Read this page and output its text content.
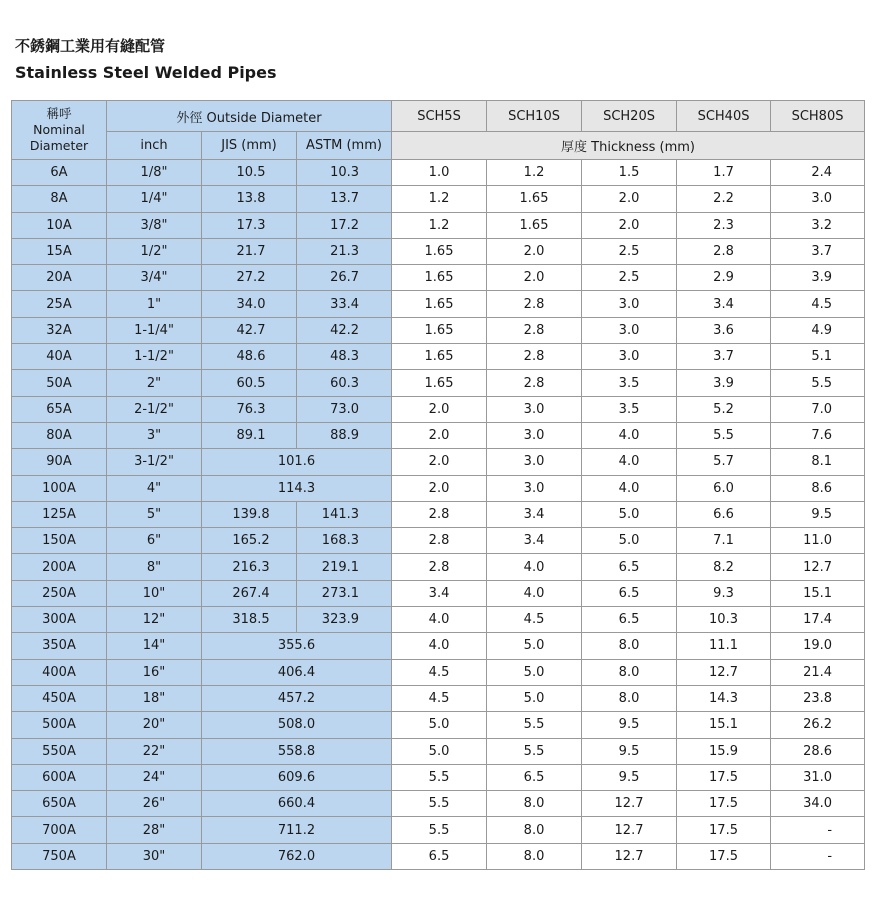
不銹鋼工業用有縫配管
Stainless Steel Welded Pipes
稱呼
Nominal
Diameter	外徑 Outside Diameter			SCH5S	SCH10S	SCH20S	SCH40S	SCH80S
	inch	JIS (mm)	ASTM (mm)	厚度 Thickness (mm)				
6A	1/8"	10.5	10.3	1.0	1.2	1.5	1.7	2.4
8A	1/4"	13.8	13.7	1.2	1.65	2.0	2.2	3.0
10A	3/8"	17.3	17.2	1.2	1.65	2.0	2.3	3.2
15A	1/2"	21.7	21.3	1.65	2.0	2.5	2.8	3.7
20A	3/4"	27.2	26.7	1.65	2.0	2.5	2.9	3.9
25A	1"	34.0	33.4	1.65	2.8	3.0	3.4	4.5
32A	1-1/4"	42.7	42.2	1.65	2.8	3.0	3.6	4.9
40A	1-1/2"	48.6	48.3	1.65	2.8	3.0	3.7	5.1
50A	2"	60.5	60.3	1.65	2.8	3.5	3.9	5.5
65A	2-1/2"	76.3	73.0	2.0	3.0	3.5	5.2	7.0
80A	3"	89.1	88.9	2.0	3.0	4.0	5.5	7.6
90A	3-1/2"	101.6		2.0	3.0	4.0	5.7	8.1
100A	4"	114.3		2.0	3.0	4.0	6.0	8.6
125A	5"	139.8	141.3	2.8	3.4	5.0	6.6	9.5
150A	6"	165.2	168.3	2.8	3.4	5.0	7.1	11.0
200A	8"	216.3	219.1	2.8	4.0	6.5	8.2	12.7
250A	10"	267.4	273.1	3.4	4.0	6.5	9.3	15.1
300A	12"	318.5	323.9	4.0	4.5	6.5	10.3	17.4
350A	14"	355.6		4.0	5.0	8.0	11.1	19.0
400A	16"	406.4		4.5	5.0	8.0	12.7	21.4
450A	18"	457.2		4.5	5.0	8.0	14.3	23.8
500A	20"	508.0		5.0	5.5	9.5	15.1	26.2
550A	22"	558.8		5.0	5.5	9.5	15.9	28.6
600A	24"	609.6		5.5	6.5	9.5	17.5	31.0
650A	26"	660.4		5.5	8.0	12.7	17.5	34.0
700A	28"	711.2		5.5	8.0	12.7	17.5	-
750A	30"	762.0		6.5	8.0	12.7	17.5	-
